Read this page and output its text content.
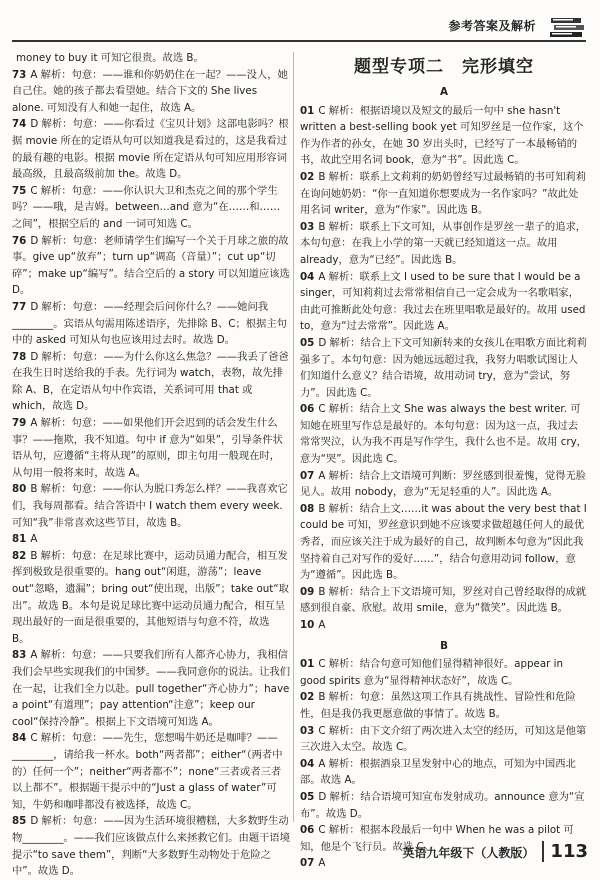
参考答案及解析

money to buy it 可知它很贵。故选 B。

73 A 解析：句意：——谁和你奶奶住在一起？——没人，她自己住。她的孩子都去看望她。结合下文的 She lives alone. 可知没有人和她一起住，故选 A。

74 D 解析：句意：——你看过《宝贝计划》这部电影吗？根据 movie 所在的定语从句可以知道我是看过的，这是我看过的最有趣的电影。根据 movie 所在定语从句可知应用形容词最高级，且最高级前加 the。故选 D。

75 C 解析：句意：——你认识大卫和杰克之间的那个学生吗？——哦，是吉姆。between…and 意为“在……和……之间”，根据空后的 and 一词可知选 C。

76 D 解析：句意：老师请学生们编写一个关于月球之旅的故事。give up“放弃”；turn up“调高（音量）”；cut up“切碎”；make up“编写”。结合空后的 a story 可以知道应该选 D。

77 D 解析：句意：——经理会后问你什么？——她问我________。宾语从句需用陈述语序，先排除 B、C；根据主句中的 asked 可知从句也应该用过去时。故选 D。

78 D 解析：句意：——为什么你这么焦急？——我丢了爸爸在我生日时送给我的手表。先行词为 watch，表物，故先排除 A、B，在定语从句中作宾语，关系词可用 that 或 which，故选 D。

79 A 解析：句意：——如果他们开会迟到的话会发生什么事？——拖欺，我不知道。句中 if 意为“如果”，引导条件状语从句，应遵循“主将从现”的原则，即主句用一般现在时，从句用一般将来时，故选 A。

80 B 解析：句意：——你认为脱口秀怎么样？——我喜欢它们，我每周都看。结合答语中 I watch them every week. 可知“我”非常喜欢这些节目，故选 B。

81 A

82 B 解析：句意：在足球比赛中，运动员通力配合，相互发挥到极致是很重要的。hang out“闲逛，游荡”；leave out“忽略，遗漏”；bring out“使出现，出版”；take out“取出”。故选 B。本句是说足球比赛中运动员通力配合，相互呈现出最好的一面是很重要的，其他短语与句意不符，故选 B。

83 A 解析：句意：——只要我们所有人都齐心协力，我相信我们会早些实现我们的中国梦。——我同意你的说法。让我们在一起，让我们全力以赴。pull together“齐心协力”；have a point“有道理”；pay attention“注意”；keep our cool“保持冷静”。根据上下文语境可知选 A。

84 C 解析：句意：——先生，您想喝牛奶还是咖啡？——________，请给我一杯水。both“两者都”；either“（两者中的）任何一个”；neither“两者都不”；none“三者或者三者以上都不”。根据题干提示中的“Just a glass of water”可知，牛奶和咖啡都没有被选择，故选 C。

85 D 解析：句意：——因为生活环境很糟糕，大多数野生动物________。——我们应该做点什么来拯救它们。由题干语境提示“to save them”，判断“大多数野生动物处于危险之中”。故选 D。

题型专项二　完形填空
A

01 C 解析：根据语境以及短文的最后一句中 she hasn't written a best-selling book yet 可知罗丝是一位作家，这个作为作者的孙女，在她 30 岁出头时，已经写了一本最畅销的书，故此空用名词 book，意为“书”。因此选 C。

02 B 解析：联系上文莉莉的奶奶曾经写过最畅销的书可知莉莉在询问她奶奶：“你一直知道你想要成为一名作家吗？”故此处用名词 writer，意为“作家”。因此选 B。

03 B 解析：联系上下文可知，从事创作是罗丝一辈子的追求，本句句意：在我上小学的第一天就已经知道这一点。故用 already，意为“已经”。因此选 B。

04 A 解析：联系上文 I used to be sure that I would be a singer，可知莉莉过去常常相信自己一定会成为一名歌唱家，由此可推断此处句意：我过去在班里唱歌是最好的。故用 used to，意为“过去常常”。因此选 A。

05 D 解析：结合上下文可知新转来的女孩儿在唱歌方面比莉莉强多了。本句句意：因为她远远超过我，我努力唱歌试图让人们知道什么意义？结合语境，故用动词 try，意为“尝试，努力”。因此选 C。

06 C 解析：结合上文 She was always the best writer. 可知她在班里写作总是最好的。本句句意：因为这一点，我过去常常哭泣，认为我不再是写作学生，我什么也不是。故用 cry，意为“哭”。因此选 C。

07 A 解析：结合上文语境可判断：罗丝感到很羞愧，觉得无脸见人。故用 nobody，意为“无足轻重的人”。因此选 A。

08 B 解析：结合上文……it was about the very best that I could be 可知，罗丝意识到她不应该要求做超越任何人的最优秀者，而应该关注于成为最好的自己，故判断本句意为“因此我坚持着自己对写作的爱好……”，结合句意用动词 follow，意为“遵循”。因此选 B。

09 B 解析：结合上下文语境可知，罗丝对自己曾经取得的成就感到很自豪、欣慰。故用 smile，意为“微笑”。因此选 B。

10 A

B

01 C 解析：结合句意可知他们显得精神很好。appear in good spirits 意为“显得精神状态好”，故选 C。

02 B 解析：句意：虽然这项工作具有挑战性、冒险性和危险性，但是我仍我更愿意做的事情了。故选 B。

03 C 解析：由下文介绍了两次进入太空的经历，可知这是他第三次进入太空。故选 C。

04 A 解析：根据酒泉卫星发射中心的地点，可知为中国西北部。故选 A。

05 D 解析：结合语境可知宣布发射成功。announce 意为“宣布”。故选 D。

06 C 解析：根据本段最后一句中 When he was a pilot 可知，他是个飞行员。故选 C。

07 A

英语九年级下（人教版） 113
